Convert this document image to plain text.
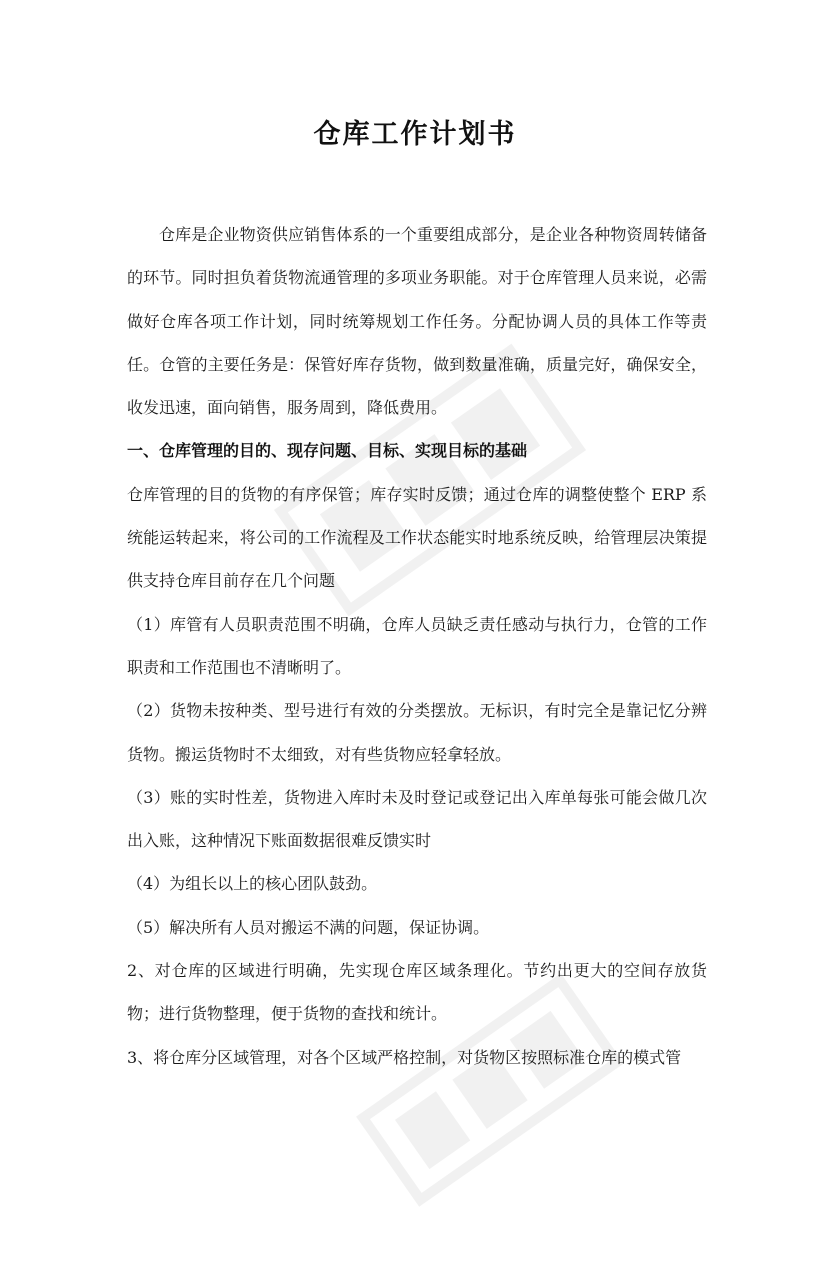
仓库工作计划书

仓库是企业物资供应销售体系的一个重要组成部分，是企业各种物资周转储备的环节。同时担负着货物流通管理的多项业务职能。对于仓库管理人员来说，必需做好仓库各项工作计划，同时统筹规划工作任务。分配协调人员的具体工作等责任。仓管的主要任务是：保管好库存货物，做到数量准确，质量完好，确保安全，收发迅速，面向销售，服务周到，降低费用。

一、仓库管理的目的、现存问题、目标、实现目标的基础

仓库管理的目的货物的有序保管；库存实时反馈；通过仓库的调整使整个 ERP 系统能运转起来，将公司的工作流程及工作状态能实时地系统反映，给管理层决策提供支持仓库目前存在几个问题

（1）库管有人员职责范围不明确，仓库人员缺乏责任感动与执行力，仓管的工作职责和工作范围也不清晰明了。

（2）货物未按种类、型号进行有效的分类摆放。无标识，有时完全是靠记忆分辨货物。搬运货物时不太细致，对有些货物应轻拿轻放。

（3）账的实时性差，货物进入库时未及时登记或登记出入库单每张可能会做几次出入账，这种情况下账面数据很难反馈实时

（4）为组长以上的核心团队鼓劲。

（5）解决所有人员对搬运不满的问题，保证协调。

2、对仓库的区域进行明确，先实现仓库区域条理化。节约出更大的空间存放货物；进行货物整理，便于货物的查找和统计。

3、将仓库分区域管理，对各个区域严格控制，对货物区按照标准仓库的模式管
